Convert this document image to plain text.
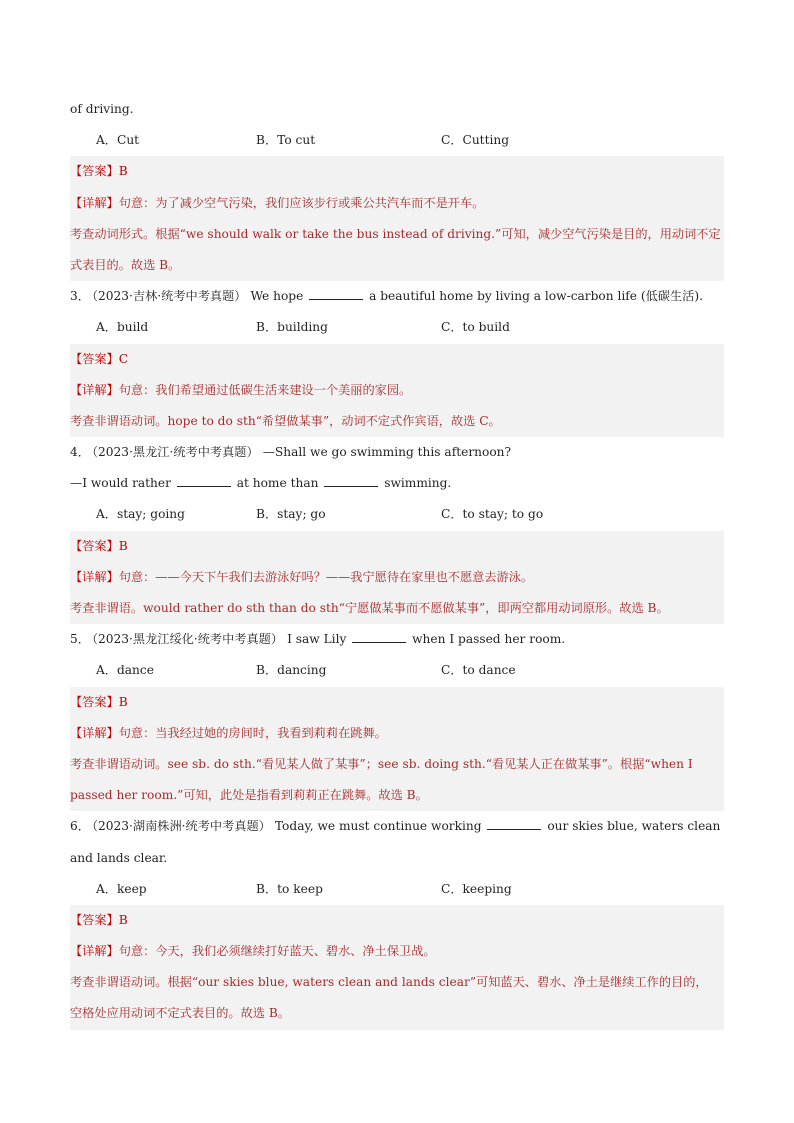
of driving.
A．Cut	B．To cut	C．Cutting
【答案】B
【详解】句意：为了减少空气污染，我们应该步行或乘公共汽车而不是开车。
考查动词形式。根据“we should walk or take the bus instead of driving.”可知，减少空气污染是目的，用动词不定式表目的。故选 B。
3． （2023·吉林·统考中考真题） We hope	a beautiful home by living a low-carbon life (低碳生活).
A．build	B．building	C．to build
【答案】C
【详解】句意：我们希望通过低碳生活来建设一个美丽的家园。
考查非谓语动词。hope to do sth“希望做某事”，动词不定式作宾语，故选 C。
4． （2023·黑龙江·统考中考真题） —Shall we go swimming this afternoon?
—I would rather	at home than	swimming.
A．stay; going	B．stay; go	C．to stay; to go
【答案】B
【详解】句意：——今天下午我们去游泳好吗？——我宁愿待在家里也不愿意去游泳。
考查非谓语。would rather do sth than do sth“宁愿做某事而不愿做某事”，即两空都用动词原形。故选 B。
5． （2023·黑龙江绥化·统考中考真题） I saw Lily	when I passed her room.
A．dance	B．dancing	C．to dance
【答案】B
【详解】句意：当我经过她的房间时，我看到莉莉在跳舞。
考查非谓语动词。see sb. do sth.“看见某人做了某事”；see sb. doing sth.“看见某人正在做某事”。根据“when I
passed her room.”可知，此处是指看到莉莉正在跳舞。故选 B。
6． （2023·湖南株洲·统考中考真题） Today, we must continue working	our skies blue, waters clean
and lands clear.
A．keep	B．to keep	C．keeping
【答案】B
【详解】句意：今天，我们必须继续打好蓝天、碧水、净土保卫战。
考查非谓语动词。根据“our skies blue, waters clean and lands clear”可知蓝天、碧水、净土是继续工作的目的，
空格处应用动词不定式表目的。故选 B。
